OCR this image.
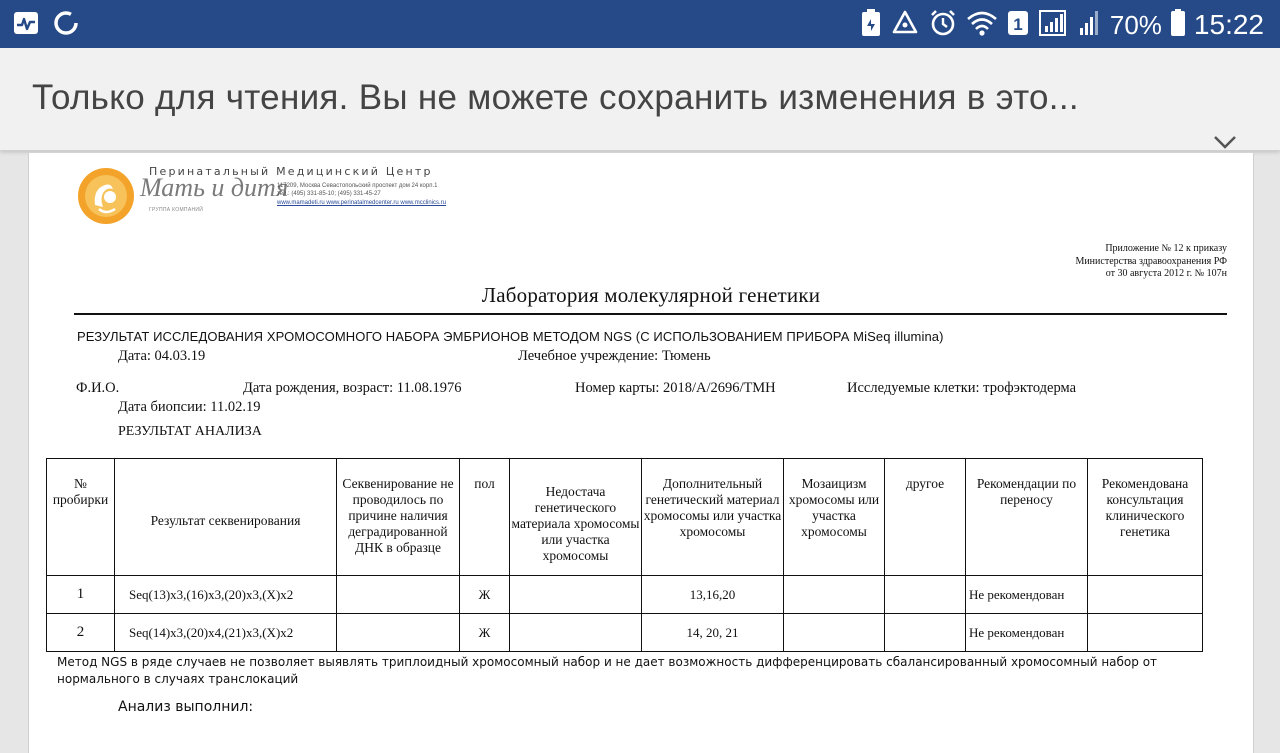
1	70% 15:22
Только для чтения. Вы не можете сохранить изменения в это...
Перинатальный Медицинский Центр
Мать и дитя
ГРУППА КОМПАНИЙ
117209, Москва Севастопольский проспект дом 24 корп.1
тел.: (495) 331-85-10; (495) 331-45-27
www.mamadeti.ru www.perinatalmedcenter.ru www.mcclinics.ru
Приложение № 12 к приказу
Министерства здравоохранения РФ
от 30 августа 2012 г. № 107н
Лаборатория молекулярной генетики
РЕЗУЛЬТАТ ИССЛЕДОВАНИЯ ХРОМОСОМНОГО НАБОРА ЭМБРИОНОВ МЕТОДОМ NGS (С ИСПОЛЬЗОВАНИЕМ ПРИБОРА MiSeq illumina)
Дата: 04.03.19	Лечебное учреждение: Тюмень
Ф.И.О.	Дата рождения, возраст: 11.08.1976	Номер карты: 2018/А/2696/ТМН	Исследуемые клетки: трофэктодерма
Дата биопсии: 11.02.19
РЕЗУЛЬТАТ АНАЛИЗА
№ пробирки	Результат секвенирования	Секвенирование не проводилось по причине наличия деградированной ДНК в образце	пол	Недостача генетического материала хромосомы или участка хромосомы	Дополнительный генетический материал хромосомы или участка хромосомы	Мозаицизм хромосомы или участка хромосомы	другое	Рекомендации по переносу	Рекомендована консультация клинического генетика
1	Seq(13)x3,(16)x3,(20)x3,(X)x2		Ж		13,16,20			Не рекомендован	
2	Seq(14)x3,(20)x4,(21)x3,(X)x2		Ж		14, 20, 21			Не рекомендован	
Метод NGS в ряде случаев не позволяет выявлять триплоидный хромосомный набор и не дает возможность дифференцировать сбалансированный хромосомный набор от нормального в случаях транслокаций
Анализ выполнил:
